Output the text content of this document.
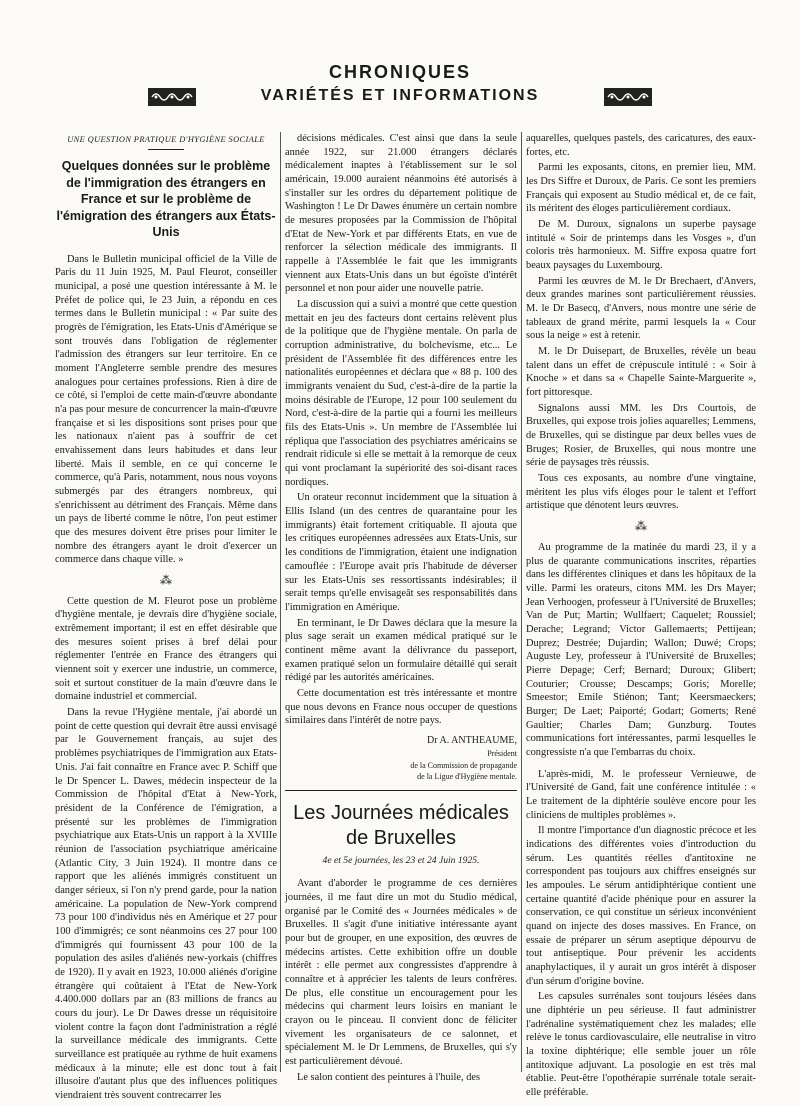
CHRONIQUES
VARIÉTÉS ET INFORMATIONS
UNE QUESTION PRATIQUE D'HYGIÈNE SOCIALE
Quelques données sur le problème de l'immigration des étrangers en France et sur le problème de l'émigration des étrangers aux États-Unis

Dans le Bulletin municipal officiel de la Ville de Paris du 11 Juin 1925, M. Paul Fleurot, conseiller municipal, a posé une question intéressante à M. le Préfet de police qui, le 23 Juin, a répondu en ces termes dans le Bulletin municipal : « Par suite des progrès de l'émigration, les Etats-Unis d'Amérique se sont trouvés dans l'obligation de réglementer l'admission des étrangers sur leur territoire. En ce moment l'Angleterre semble prendre des mesures analogues pour certaines professions. Rien à dire de ce côté, si l'emploi de cette main-d'œuvre abondante n'a pas pour mesure de concurrencer la main-d'œuvre française et si les dispositions sont prises pour que les nationaux n'aient pas à souffrir de cet envahissement dans leurs habitudes et dans leur liberté. Mais il semble, en ce qui concerne le commerce, qu'à Paris, notamment, nous nous voyons submergés par des étrangers nombreux, qui s'enrichissent au détriment des Français. Même dans un pays de liberté comme le nôtre, l'on peut estimer que des mesures doivent être prises pour limiter le nombre des étrangers ayant le droit d'exercer un commerce dans chaque ville. »

⁂

Cette question de M. Fleurot pose un problème d'hygiène mentale, je devrais dire d'hygiène sociale, extrêmement important; il est en effet désirable que des mesures soient prises à bref délai pour réglementer l'entrée en France des étrangers qui viennent soit y exercer une industrie, un commerce, soit et surtout constituer de la main d'œuvre dans le domaine industriel et commercial.

Dans la revue l'Hygiène mentale, j'ai abordé un point de cette question qui devrait être aussi envisagé par le Gouvernement français, au sujet des problèmes psychiatriques de l'immigration aux Etats-Unis. J'ai fait connaître en France avec P. Schiff que le Dr Spencer L. Dawes, médecin inspecteur de la Commission de l'hôpital d'Etat à New-York, président de la Conférence de l'émigration, a présenté sur les problèmes de l'immigration psychiatrique aux Etats-Unis un rapport à la XVIIIe réunion de l'association psychiatrique américaine (Atlantic City, 3 Juin 1924). Il montre dans ce rapport que les aliénés immigrés constituent un danger sérieux, si l'on n'y prend garde, pour la nation américaine. La population de New-York comprend 73 pour 100 d'individus nés en Amérique et 27 pour 100 d'immigrés; ce sont néanmoins ces 27 pour 100 d'immigrés qui fournissent 43 pour 100 de la population des asiles d'aliénés new-yorkais (chiffres de 1920). Il y avait en 1923, 10.000 aliénés d'origine étrangère qui coûtaient à l'Etat de New-York 4.400.000 dollars par an (83 millions de francs au cours du jour). Le Dr Dawes dresse un réquisitoire violent contre la façon dont l'administration a réglé la surveillance médicale des immigrants. Cette surveillance est pratiquée au rythme de huit examens médicaux à la minute; elle est donc tout à fait illusoire d'autant plus que des influences politiques viendraient très souvent contrecarrer les

décisions médicales. C'est ainsi que dans la seule année 1922, sur 21.000 étrangers déclarés médicalement inaptes à l'établissement sur le sol américain, 19.000 auraient néanmoins été autorisés à s'installer sur les ordres du département politique de Washington ! Le Dr Dawes énumère un certain nombre de mesures proposées par la Commission de l'hôpital d'Etat de New-York et par différents Etats, en vue de renforcer la sélection médicale des immigrants. Il rappelle à l'Assemblée le fait que les immigrants viennent aux Etats-Unis dans un but égoïste d'intérêt personnel et non pour aider une nouvelle patrie.

La discussion qui a suivi a montré que cette question mettait en jeu des facteurs dont certains relèvent plus de la politique que de l'hygiène mentale. On parla de corruption administrative, du bolchevisme, etc... Le président de l'Assemblée fit des différences entre les nationalités européennes et déclara que « 88 p. 100 des immigrants venaient du Sud, c'est-à-dire de la partie la moins désirable de l'Europe, 12 pour 100 seulement du Nord, c'est-à-dire de la partie qui a fourni les meilleurs fils des Etats-Unis ». Un membre de l'Assemblée lui répliqua que l'association des psychiatres américains se rendrait ridicule si elle se mettait à la remorque de ceux qui vont proclamant la supériorité des soi-disant races nordiques.

Un orateur reconnut incidemment que la situation à Ellis Island (un des centres de quarantaine pour les immigrants) était fortement critiquable. Il ajouta que les critiques européennes adressées aux Etats-Unis, sur les conditions de l'immigration, étaient une indignation camouflée : l'Europe avait pris l'habitude de déverser sur les Etats-Unis ses ressortissants indésirables; il serait temps qu'elle envisageât ses responsabilités dans l'immigration en Amérique.

En terminant, le Dr Dawes déclara que la mesure la plus sage serait un examen médical pratiqué sur le continent même avant la délivrance du passeport, examen pratiqué selon un formulaire détaillé qui serait rédigé par les autorités américaines.

Cette documentation est très intéressante et montre que nous devons en France nous occuper de questions similaires dans l'intérêt de notre pays.

Dr A. ANTHEAUME,

Président

de la Commission de propagande

de la Ligue d'Hygiène mentale.

Les Journées médicales de Bruxelles

4e et 5e journées, les 23 et 24 Juin 1925.

Avant d'aborder le programme de ces dernières journées, il me faut dire un mot du Studio médical, organisé par le Comité des « Journées médicales » de Bruxelles. Il s'agit d'une initiative intéressante ayant pour but de grouper, en une exposition, des œuvres de médecins artistes. Cette exhibition offre un double intérêt : elle permet aux congressistes d'apprendre à connaître et à apprécier les talents de leurs confrères. De plus, elle constitue un encouragement pour les médecins qui charment leurs loisirs en maniant le crayon ou le pinceau. Il convient donc de féliciter vivement les organisateurs de ce salonnet, et spécialement M. le Dr Lemmens, de Bruxelles, qui s'y est particulièrement dévoué.

Le salon contient des peintures à l'huile, des

aquarelles, quelques pastels, des caricatures, des eaux-fortes, etc.

Parmi les exposants, citons, en premier lieu, MM. les Drs Siffre et Duroux, de Paris. Ce sont les premiers Français qui exposent au Studio médical et, de ce fait, ils méritent des éloges particulièrement cordiaux.

De M. Duroux, signalons un superbe paysage intitulé « Soir de printemps dans les Vosges », d'un coloris très harmonieux. M. Siffre exposa quatre fort beaux paysages du Luxembourg.

Parmi les œuvres de M. le Dr Brechaert, d'Anvers, deux grandes marines sont particulièrement réussies. M. le Dr Basecq, d'Anvers, nous montre une série de tableaux de grand mérite, parmi lesquels la « Cour sous la neige » est à retenir.

M. le Dr Duisepart, de Bruxelles, révèle un beau talent dans un effet de crépuscule intitulé : « Soir à Knoche » et dans sa « Chapelle Sainte-Marguerite », fort pittoresque.

Signalons aussi MM. les Drs Courtois, de Bruxelles, qui expose trois jolies aquarelles; Lemmens, de Bruxelles, qui se distingue par deux belles vues de Bruges; Rosier, de Bruxelles, qui nous montre une série de paysages très réussis.

Tous ces exposants, au nombre d'une vingtaine, méritent les plus vifs éloges pour le talent et l'effort artistique que dénotent leurs œuvres.

⁂

Au programme de la matinée du mardi 23, il y a plus de quarante communications inscrites, réparties dans les différentes cliniques et dans les hôpitaux de la ville. Parmi les orateurs, citons MM. les Drs Mayer; Jean Verhoogen, professeur à l'Université de Bruxelles; Van de Put; Martin; Wullfaert; Caquelet; Roussiel; Derache; Legrand; Victor Gallemaerts; Pettijean; Duprez; Destrée; Dujardin; Wallon; Duwé; Crops; Auguste Ley, professeur à l'Université de Bruxelles; Pierre Depage; Cerf; Bernard; Duroux; Glibert; Couturier; Crousse; Descamps; Goris; Morelle; Smeestor; Emile Stiénon; Tant; Keersmaeckers; Burger; De Laet; Paiporté; Godart; Gomerts; René Gaultier; Charles Dam; Gunzburg. Toutes communications fort intéressantes, parmi lesquelles le congressiste n'a que l'embarras du choix.

L'après-midi, M. le professeur Vernieuwe, de l'Université de Gand, fait une conférence intitulée : « Le traitement de la diphtérie soulève encore pour les cliniciens de multiples problèmes ».

Il montre l'importance d'un diagnostic précoce et les indications des différentes voies d'introduction du sérum. Les quantités réelles d'antitoxine ne correspondent pas toujours aux chiffres enseignés sur les ampoules. Le sérum antidiphtérique contient une certaine quantité d'acide phénique pour en assurer la conservation, ce qui constitue un sérieux inconvénient quand on injecte des doses massives. En France, on essaie de préparer un sérum aseptique dépourvu de tout antiseptique. Pour prévenir les accidents anaphylactiques, il y aurait un gros intérêt à disposer d'un sérum d'origine bovine.

Les capsules surrénales sont toujours lésées dans une diphtérie un peu sérieuse. Il faut administrer l'adrénaline systématiquement chez les malades; elle relève le tonus cardiovasculaire, elle neutralise in vitro la toxine diphtérique; elle semble jouer un rôle antitoxique adjuvant. La posologie en est très mal établie. Peut-être l'opothérapie surrénale totale serait-elle préférable.
